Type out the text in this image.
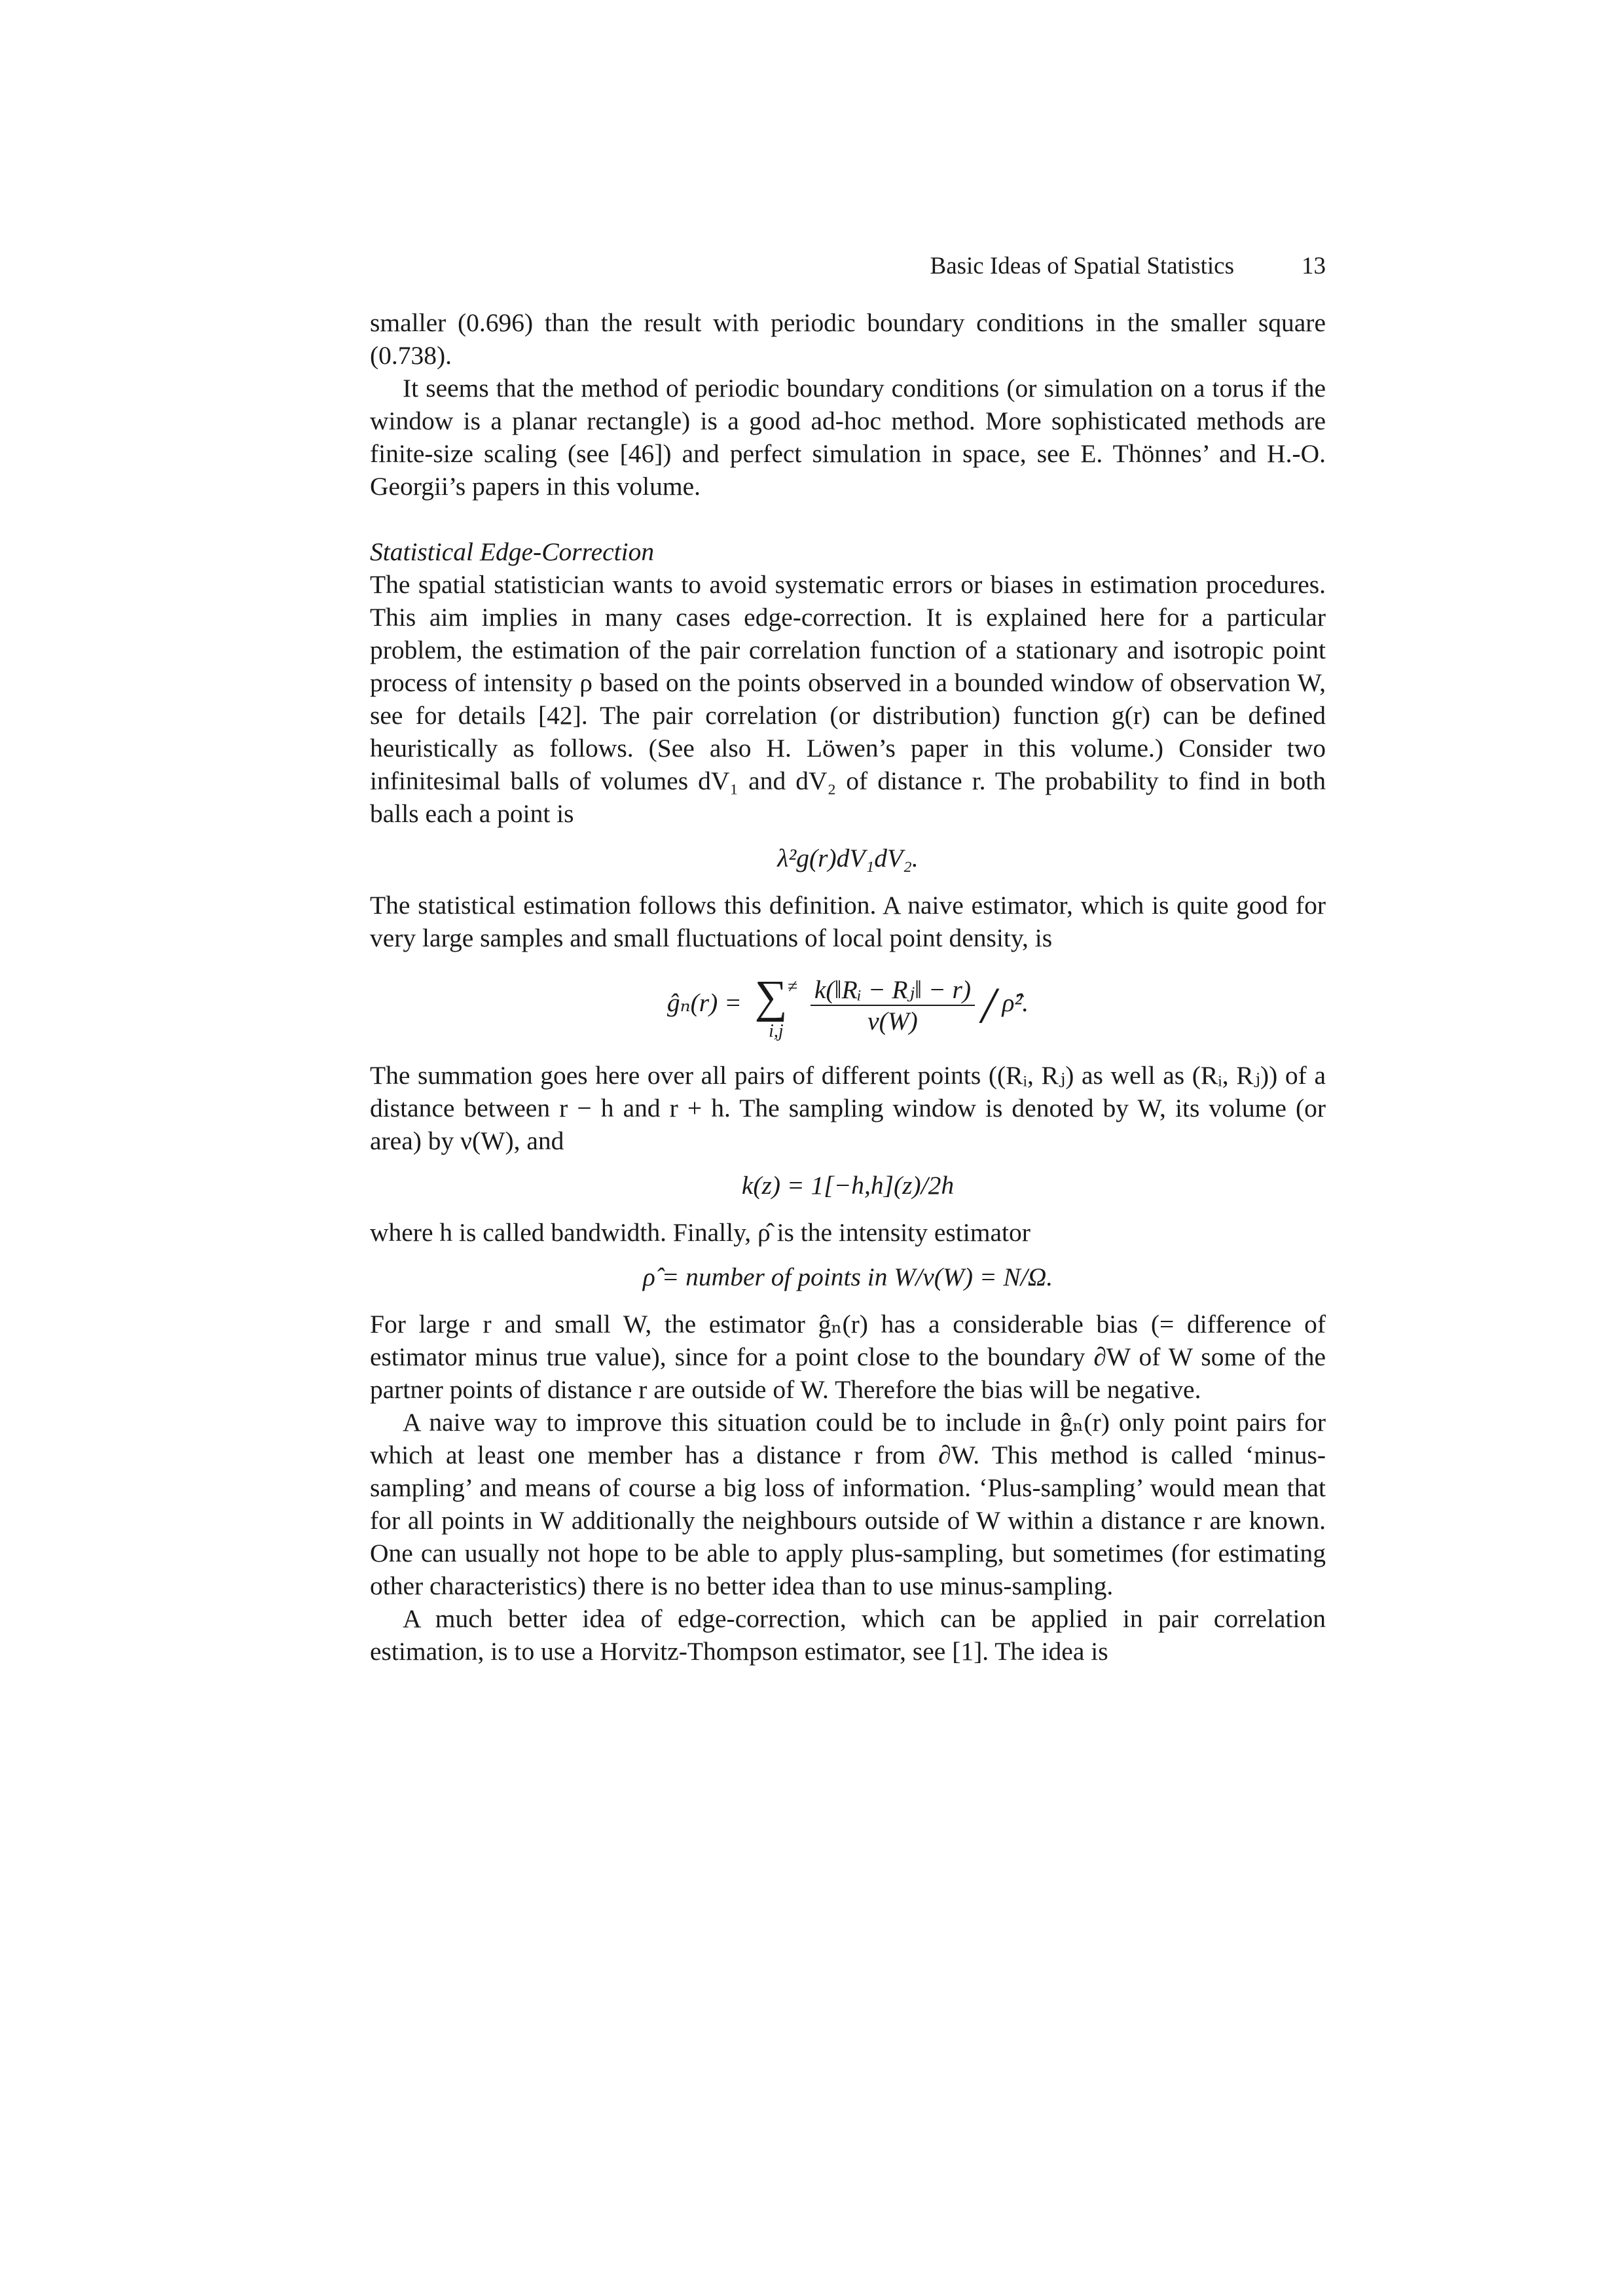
Basic Ideas of Spatial Statistics	13

smaller (0.696) than the result with periodic boundary conditions in the smaller square (0.738).

It seems that the method of periodic boundary conditions (or simulation on a torus if the window is a planar rectangle) is a good ad-hoc method. More sophisticated methods are finite-size scaling (see [46]) and perfect simulation in space, see E. Thönnes’ and H.-O. Georgii’s papers in this volume.

Statistical Edge-Correction

The spatial statistician wants to avoid systematic errors or biases in estimation procedures. This aim implies in many cases edge-correction. It is explained here for a particular problem, the estimation of the pair correlation function of a stationary and isotropic point process of intensity ρ based on the points observed in a bounded window of observation W, see for details [42]. The pair correlation (or distribution) function g(r) can be defined heuristically as follows. (See also H. Löwen’s paper in this volume.) Consider two infinitesimal balls of volumes dV₁ and dV₂ of distance r. The probability to find in both balls each a point is

λ²g(r)dV₁dV₂.

The statistical estimation follows this definition. A naive estimator, which is quite good for very large samples and small fluctuations of local point density, is

ĝₙ(r) = ∑≠
i,j
	$\frac{\text{k(‖Rᵢ − Rⱼ‖ − r)}}{\nu(W)}$ / ρ̂².

The summation goes here over all pairs of different points ((Rᵢ, Rⱼ) as well as (Rᵢ, Rⱼ)) of a distance between r − h and r + h. The sampling window is denoted by W, its volume (or area) by ν(W), and

k(z) = 1[−h,h](z)/2h

where h is called bandwidth. Finally, ρ̂ is the intensity estimator

ρ̂ = number of points in W/ν(W) = N/Ω.

For large r and small W, the estimator ĝₙ(r) has a considerable bias (= difference of estimator minus true value), since for a point close to the boundary ∂W of W some of the partner points of distance r are outside of W. Therefore the bias will be negative.

A naive way to improve this situation could be to include in ĝₙ(r) only point pairs for which at least one member has a distance r from ∂W. This method is called ‘minus-sampling’ and means of course a big loss of information. ‘Plus-sampling’ would mean that for all points in W additionally the neighbours outside of W within a distance r are known. One can usually not hope to be able to apply plus-sampling, but sometimes (for estimating other characteristics) there is no better idea than to use minus-sampling.

A much better idea of edge-correction, which can be applied in pair correlation estimation, is to use a Horvitz-Thompson estimator, see [1]. The idea is
